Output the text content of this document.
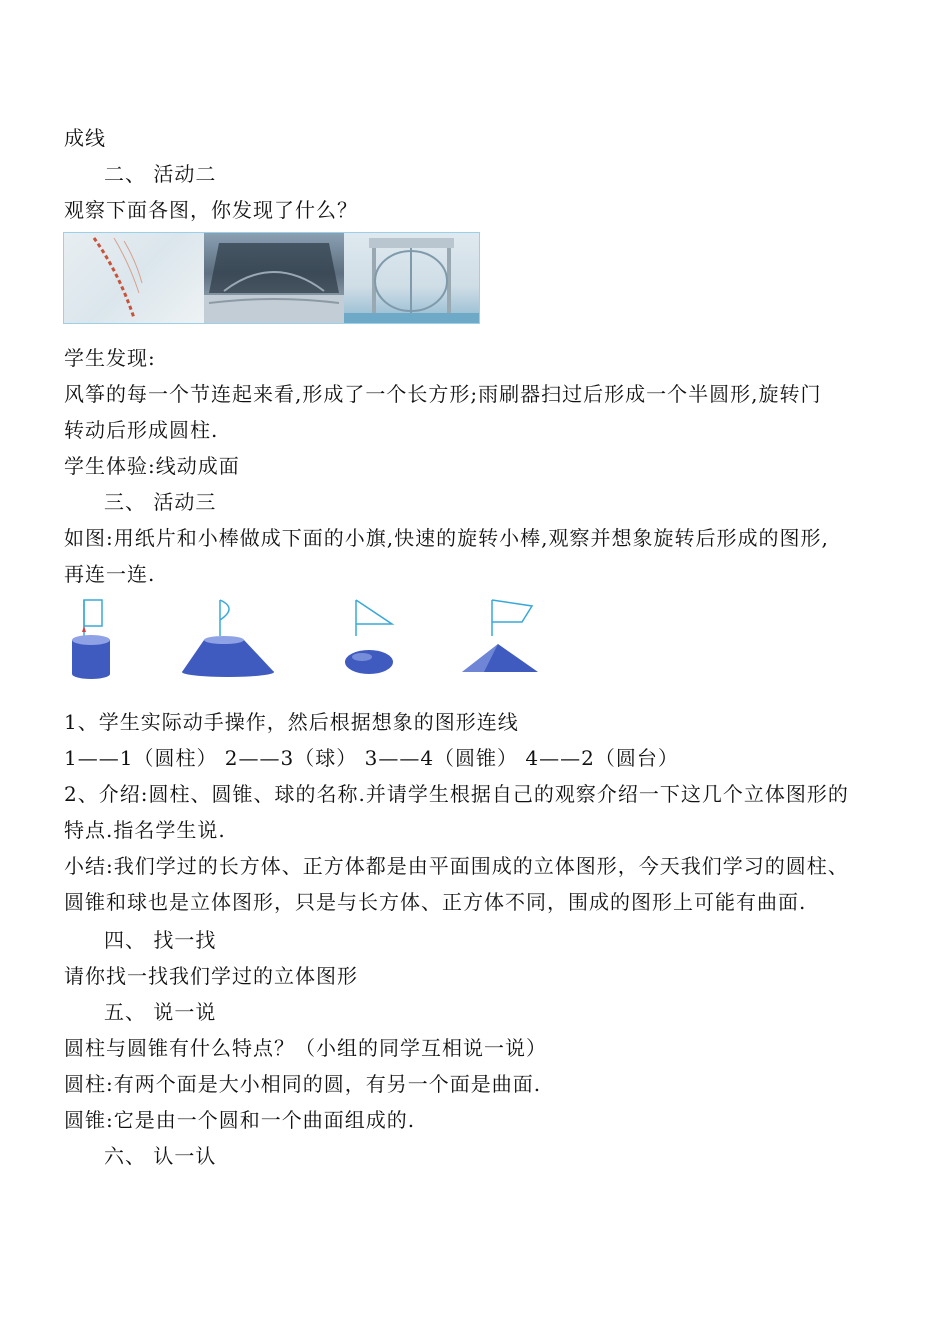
成线
二、 活动二
观察下面各图，你发现了什么？
学生发现:
风筝的每一个节连起来看,形成了一个长方形;雨刷器扫过后形成一个半圆形,旋转门
转动后形成圆柱.
学生体验:线动成面
三、 活动三
如图:用纸片和小棒做成下面的小旗,快速的旋转小棒,观察并想象旋转后形成的图形,
再连一连.
1、学生实际动手操作，然后根据想象的图形连线
1——1（圆柱） 2——3（球） 3——4（圆锥） 4——2（圆台）
2、介绍:圆柱、圆锥、球的名称.并请学生根据自己的观察介绍一下这几个立体图形的
特点.指名学生说.
小结:我们学过的长方体、正方体都是由平面围成的立体图形，今天我们学习的圆柱、
圆锥和球也是立体图形，只是与长方体、正方体不同，围成的图形上可能有曲面.
四、 找一找
请你找一找我们学过的立体图形
五、 说一说
圆柱与圆锥有什么特点？（小组的同学互相说一说）
圆柱:有两个面是大小相同的圆，有另一个面是曲面.
圆锥:它是由一个圆和一个曲面组成的.
六、 认一认
